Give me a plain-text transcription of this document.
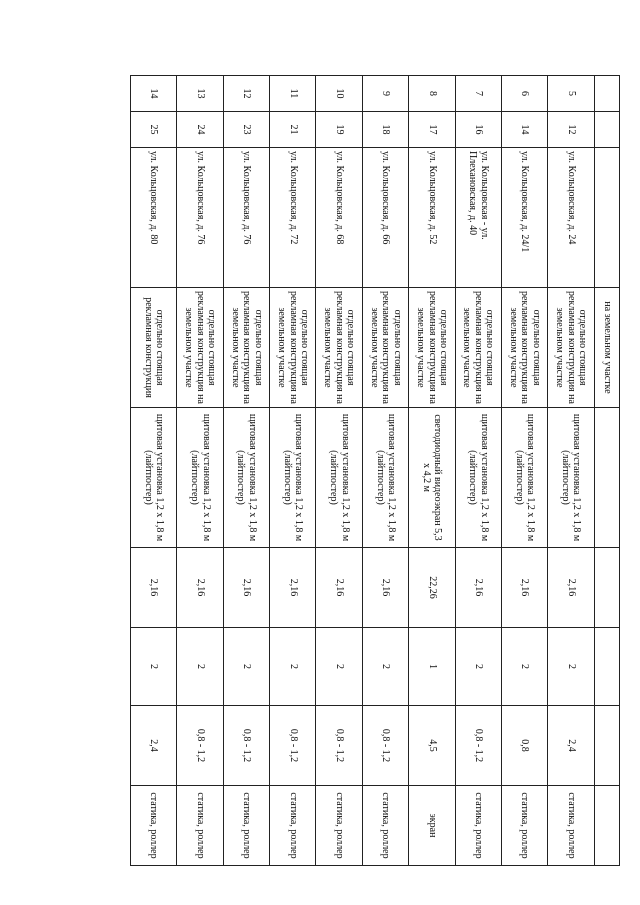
			на земельном участке					
5	12	ул. Кольцовская, д. 24	отдельно стоящая рекламная конструкция на земельном участке	щитовая установка 1,2 х 1,8 м (лайтпостер)	2,16	2	2,4	статика, роллер
6	14	ул. Кольцовская, д. 24/1	отдельно стоящая рекламная конструкция на земельном участке	щитовая установка 1,2 х 1,8 м (лайтпостер)	2,16	2	0,8	статика, роллер
7	16	ул. Кольцовская - ул. Плехановская, д. 40	отдельно стоящая рекламная конструкция на земельном участке	щитовая установка 1,2 х 1,8 м (лайтпостер)	2,16	2	0,8 - 1,2	статика, роллер
8	17	ул. Кольцовская, д. 52	отдельно стоящая рекламная конструкция на земельном участке	светодиодный видеоэкран 5,3 х 4,2 м	22,26	1	4,5	экран
9	18	ул. Кольцовская, д. 66	отдельно стоящая рекламная конструкция на земельном участке	щитовая установка 1,2 х 1,8 м (лайтпостер)	2,16	2	0,8 - 1,2	статика, роллер
10	19	ул. Кольцовская, д. 68	отдельно стоящая рекламная конструкция на земельном участке	щитовая установка 1,2 х 1,8 м (лайтпостер)	2,16	2	0,8 - 1,2	статика, роллер
11	21	ул. Кольцовская, д. 72	отдельно стоящая рекламная конструкция на земельном участке	щитовая установка 1,2 х 1,8 м (лайтпостер)	2,16	2	0,8 - 1,2	статика, роллер
12	23	ул. Кольцовская, д. 76	отдельно стоящая рекламная конструкция на земельном участке	щитовая установка 1,2 х 1,8 м (лайтпостер)	2,16	2	0,8 - 1,2	статика, роллер
13	24	ул. Кольцовская, д. 76	отдельно стоящая рекламная конструкция на земельном участке	щитовая установка 1,2 х 1,8 м (лайтпостер)	2,16	2	0,8 - 1,2	статика, роллер
14	25	ул. Кольцовская, д. 80	отдельно стоящая рекламная конструкция	щитовая установка 1,2 х 1,8 м (лайтпостер)	2,16	2	2,4	статика, роллер
